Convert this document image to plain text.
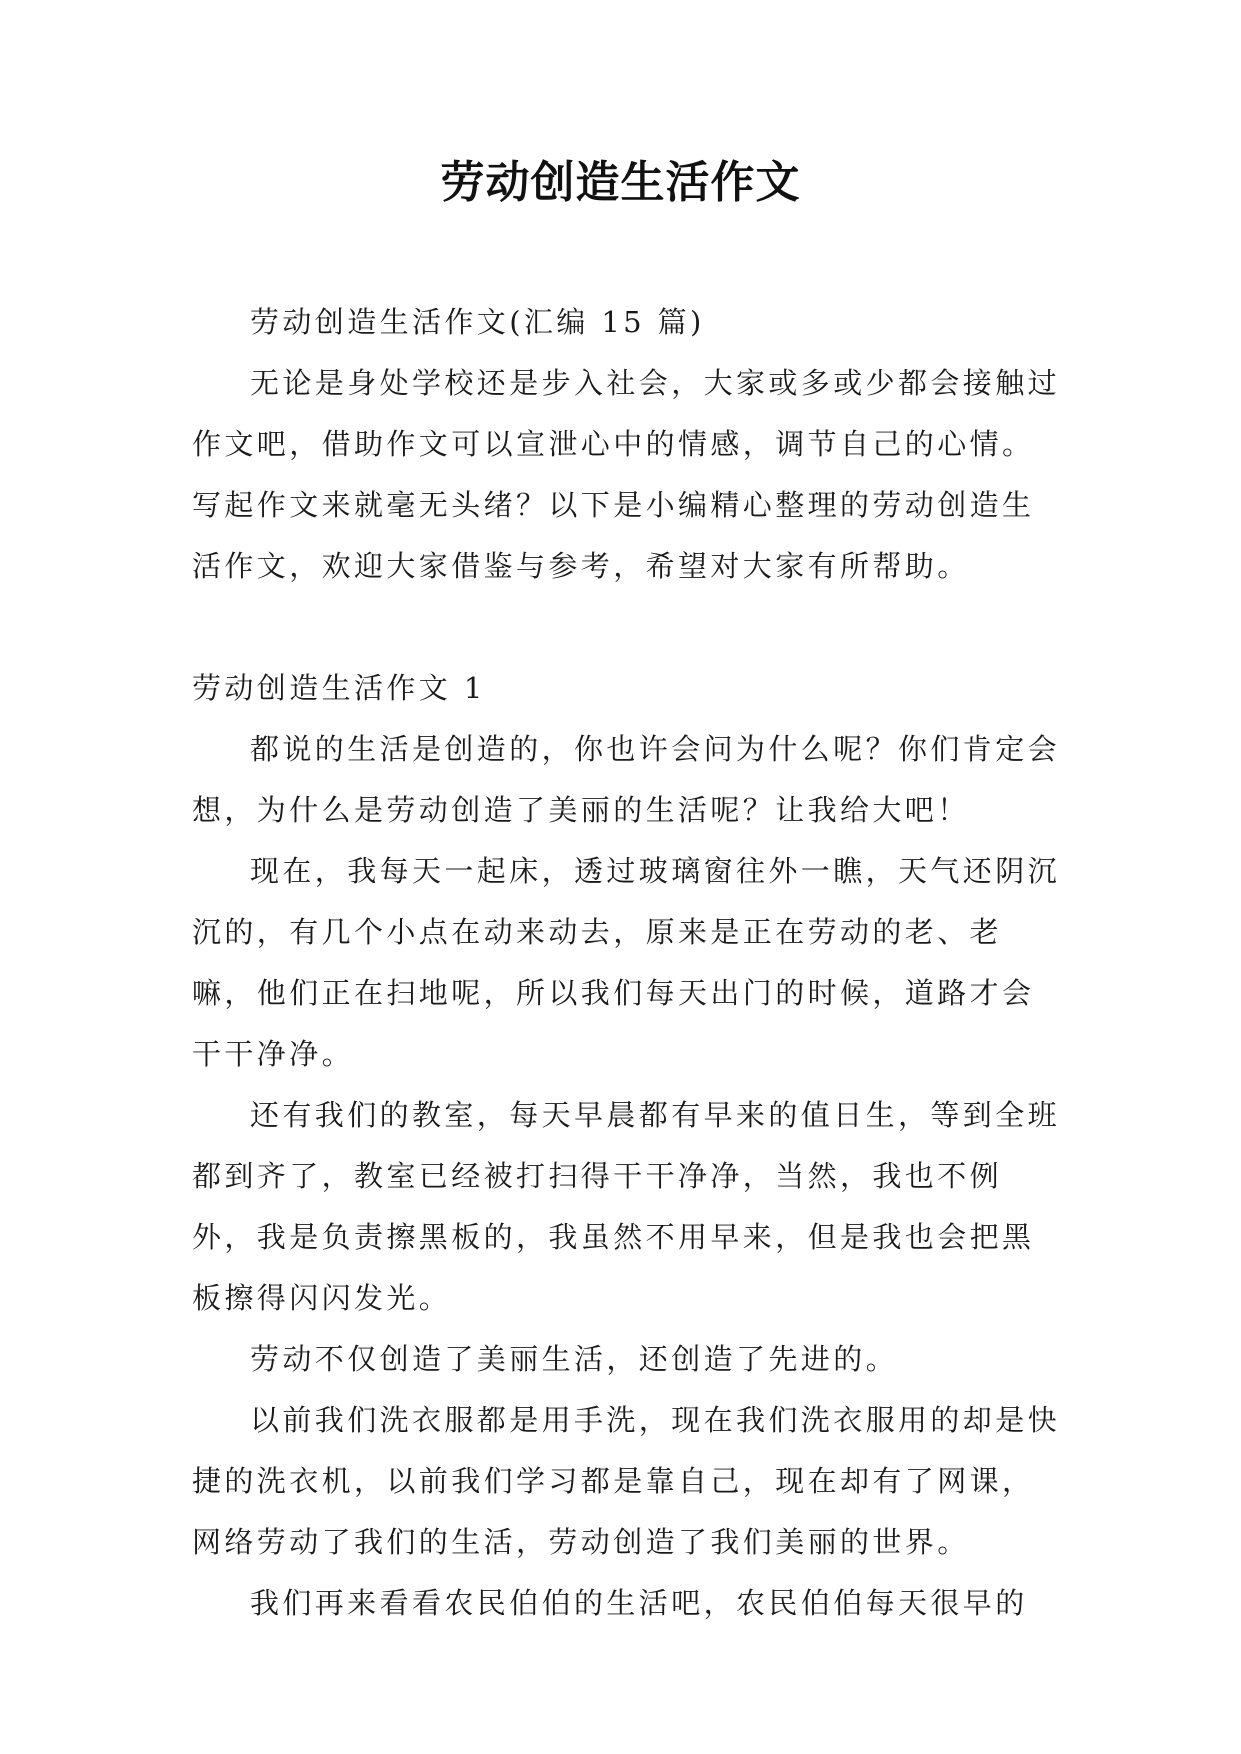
劳动创造生活作文

劳动创造生活作文(汇编 15 篇)

无论是身处学校还是步入社会，大家或多或少都会接触过作文吧，借助作文可以宣泄心中的情感，调节自己的心情。写起作文来就毫无头绪？以下是小编精心整理的劳动创造生活作文，欢迎大家借鉴与参考，希望对大家有所帮助。

劳动创造生活作文 1

都说的生活是创造的，你也许会问为什么呢？你们肯定会想，为什么是劳动创造了美丽的生活呢？让我给大吧！

现在，我每天一起床，透过玻璃窗往外一瞧，天气还阴沉沉的，有几个小点在动来动去，原来是正在劳动的老、老嘛，他们正在扫地呢，所以我们每天出门的时候，道路才会干干净净。

还有我们的教室，每天早晨都有早来的值日生，等到全班都到齐了，教室已经被打扫得干干净净，当然，我也不例外，我是负责擦黑板的，我虽然不用早来，但是我也会把黑板擦得闪闪发光。

劳动不仅创造了美丽生活，还创造了先进的。

以前我们洗衣服都是用手洗，现在我们洗衣服用的却是快捷的洗衣机，以前我们学习都是靠自己，现在却有了网课，网络劳动了我们的生活，劳动创造了我们美丽的世界。

我们再来看看农民伯伯的生活吧，农民伯伯每天很早的
